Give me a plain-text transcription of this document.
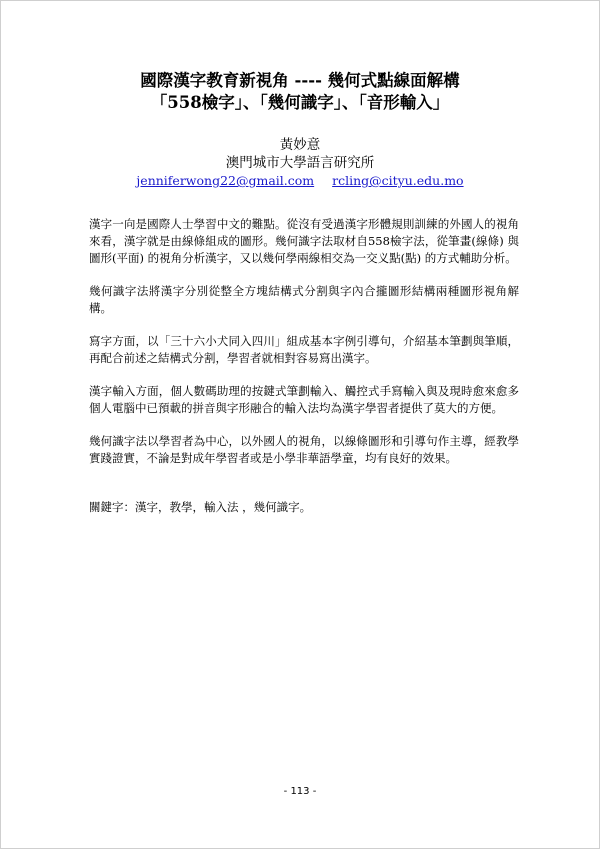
國際漢字教育新視角 ---- 幾何式點線面解構
「558檢字」、「幾何識字」、「音形輸入」
黃妙意
澳門城市大學語言研究所
jenniferwong22@gmail.com rcling@cityu.edu.mo

漢字一向是國際人士學習中文的難點。從沒有受過漢字形體規則訓練的外國人的視角來看，漢字就是由線條組成的圖形。幾何識字法取材自558檢字法，從筆畫(線條) 與圖形(平面) 的視角分析漢字，又以幾何學兩線相交為一交义點(點) 的方式輔助分析。

幾何識字法將漢字分別從整全方塊結構式分割與字內合攏圖形結構兩種圖形視角解構。

寫字方面，以「三十六小犬同入四川」組成基本字例引導句，介紹基本筆劃與筆順，再配合前述之結構式分割，學習者就相對容易寫出漢字。

漢字輸入方面，個人數碼助理的按鍵式筆劃輸入、觸控式手寫輸入與及現時愈來愈多個人電腦中已預載的拼音與字形融合的輸入法均為漢字學習者提供了莫大的方便。

幾何識字法以學習者為中心，以外國人的視角，以線條圖形和引導句作主導，經教學實踐證實，不論是對成年學習者或是小學非華語學童，均有良好的效果。

關鍵字：漢字，教學，輸入法 ，幾何識字。

- 113 -
